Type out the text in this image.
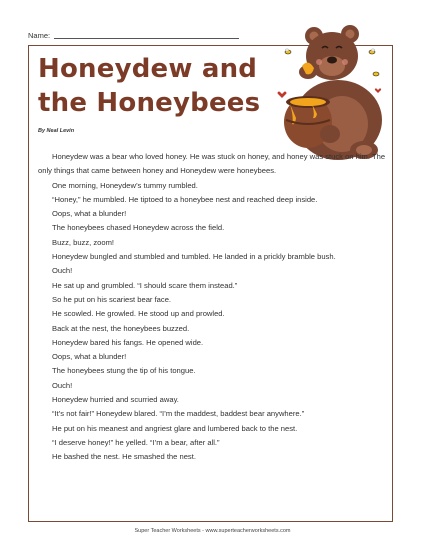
Name:
Honeydew and
the Honeybees
By Neal Levin

Honeydew was a bear who loved honey. He was stuck on honey, and honey was stuck on him. The only things that came between honey and Honeydew were honeybees.

One morning, Honeydew’s tummy rumbled.

“Honey,” he mumbled. He tiptoed to a honeybee nest and reached deep inside.

Oops, what a blunder!

The honeybees chased Honeydew across the field.

Buzz, buzz, zoom!

Honeydew bungled and stumbled and tumbled. He landed in a prickly bramble bush.

Ouch!

He sat up and grumbled. “I should scare them instead.”

So he put on his scariest bear face.

He scowled. He growled. He stood up and prowled.

Back at the nest, the honeybees buzzed.

Honeydew bared his fangs. He opened wide.

Oops, what a blunder!

The honeybees stung the tip of his tongue.

Ouch!

Honeydew hurried and scurried away.

“It’s not fair!” Honeydew blared. “I’m the maddest, baddest bear anywhere.”

He put on his meanest and angriest glare and lumbered back to the nest.

“I deserve honey!” he yelled. “I’m a bear, after all.”

He bashed the nest. He smashed the nest.

Super Teacher Worksheets - www.superteacherworksheets.com
